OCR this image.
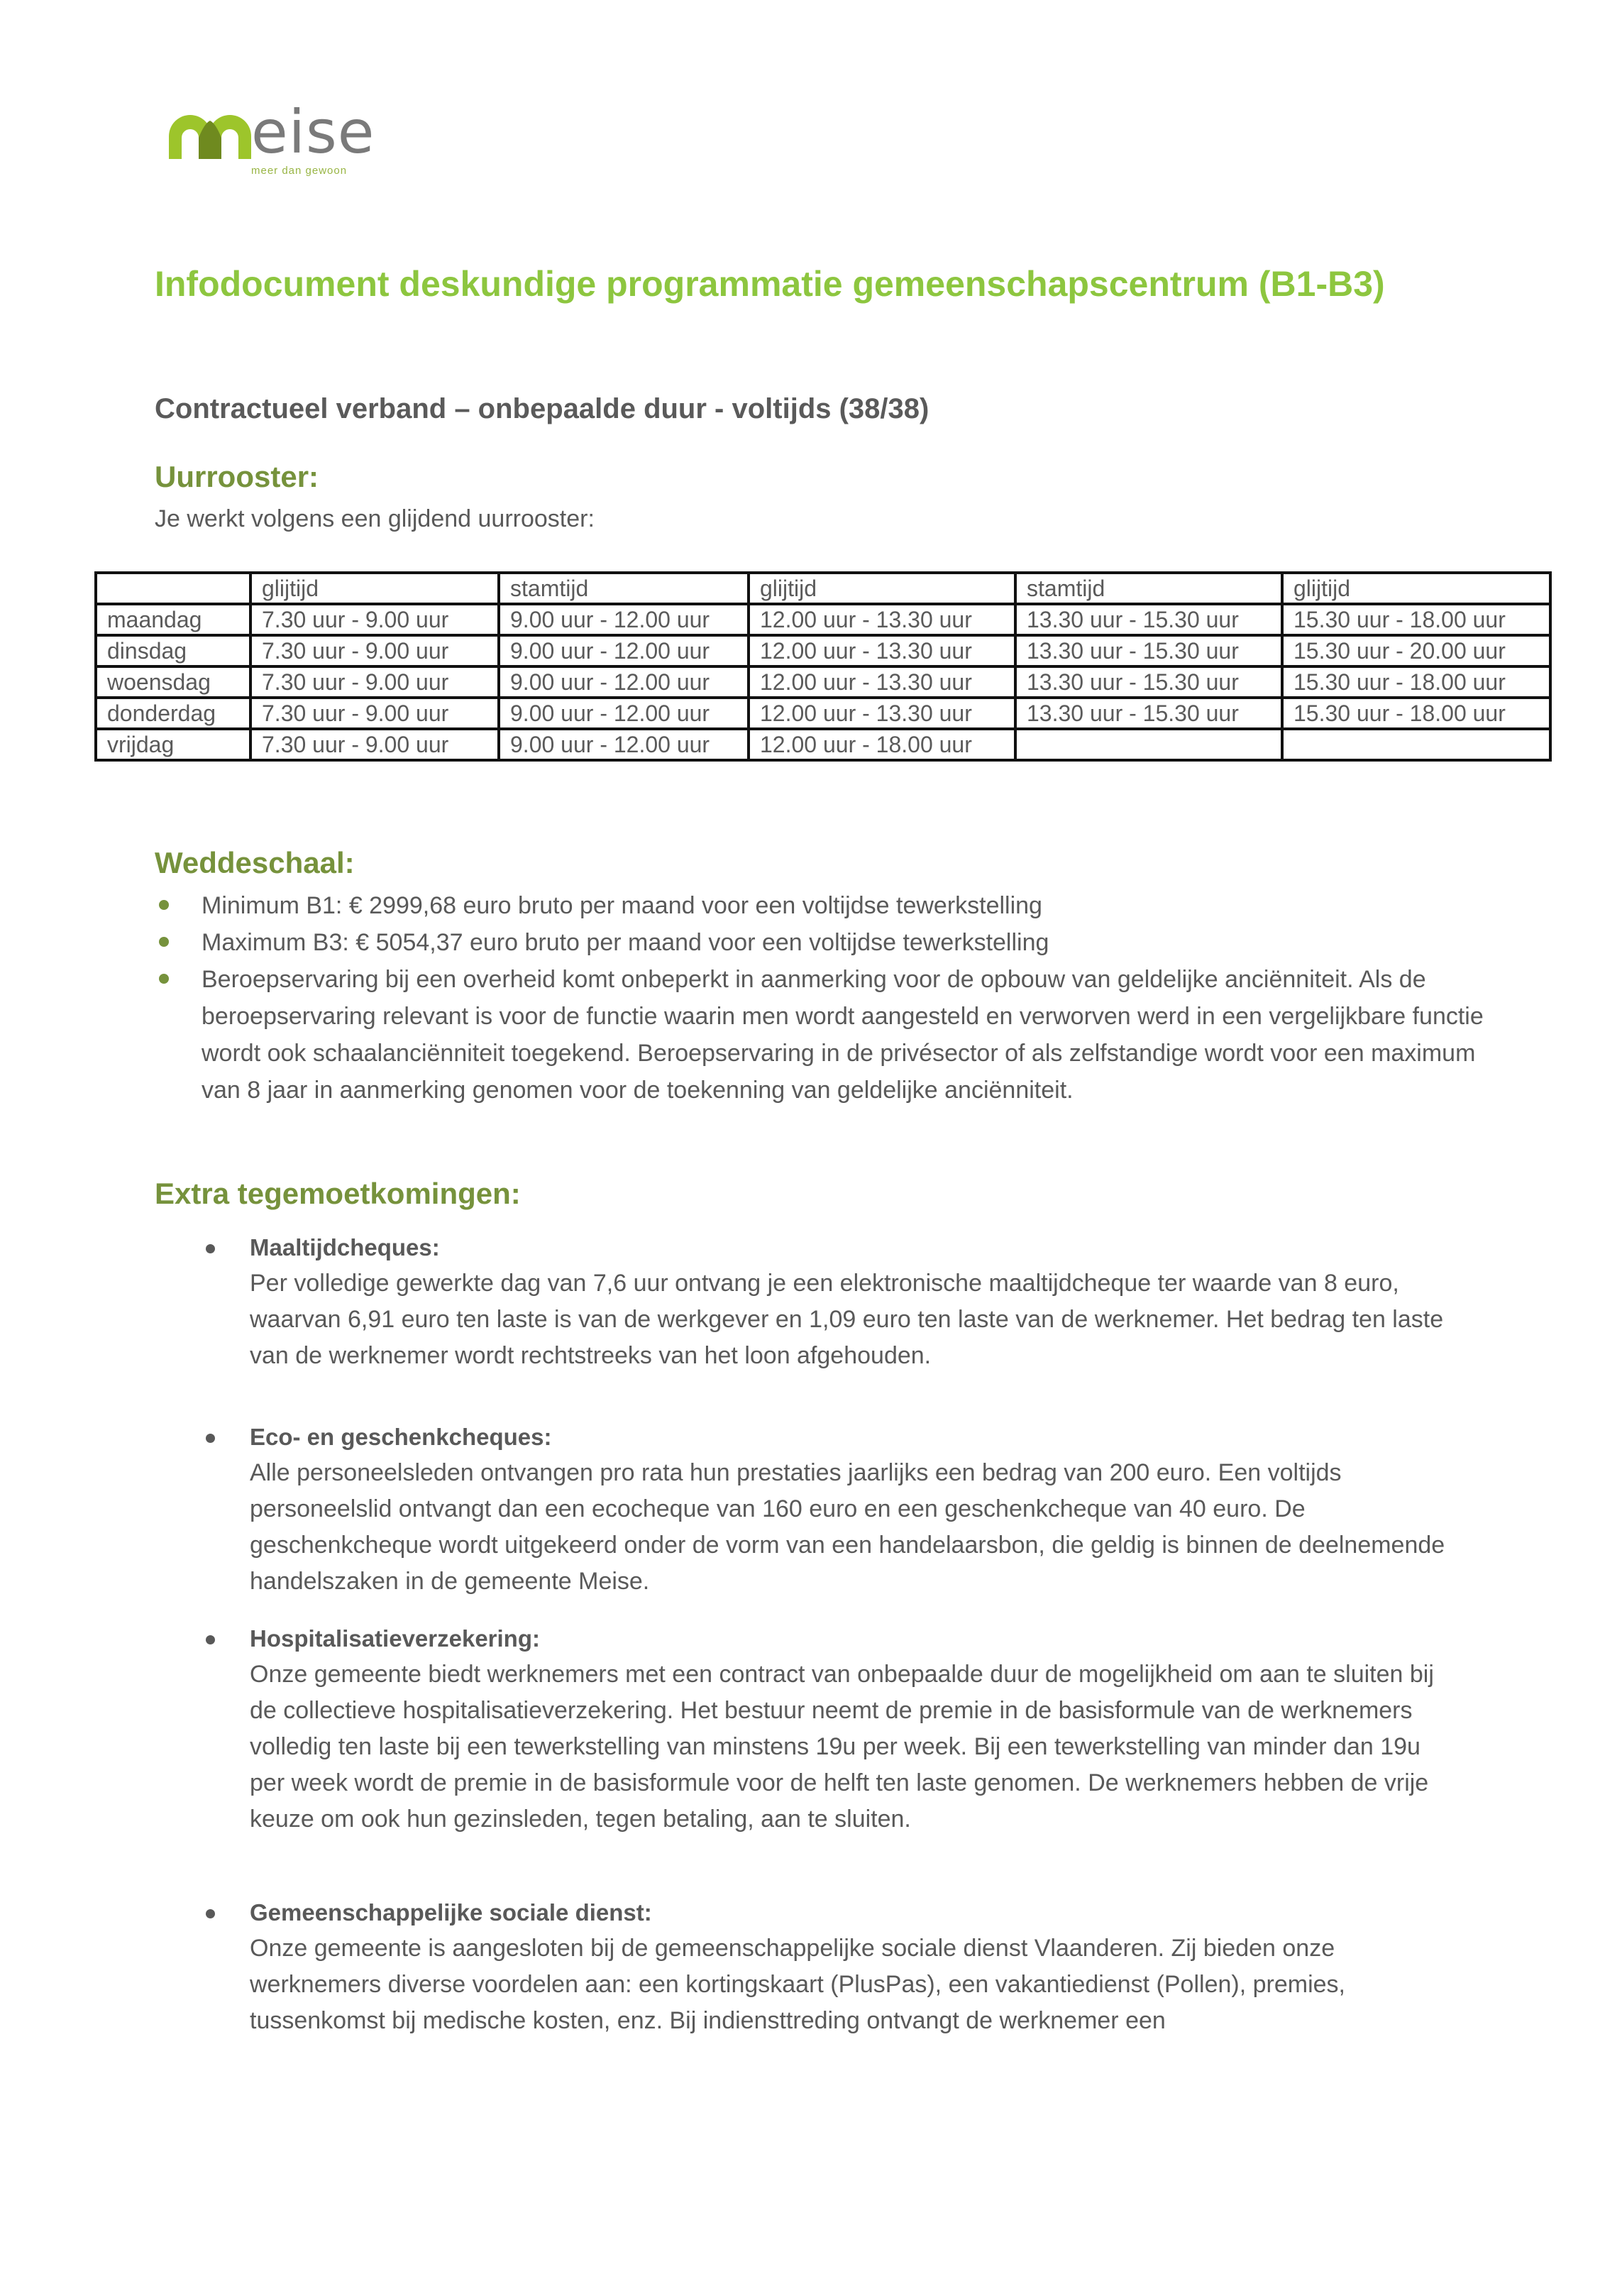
eise
meer dan gewoon
Infodocument deskundige programmatie gemeenschapscentrum (B1-B3)
Contractueel verband – onbepaalde duur - voltijds (38/38)
Uurrooster:
Je werkt volgens een glijdend uurrooster:
	glijtijd	stamtijd	glijtijd	stamtijd	glijtijd
maandag	7.30 uur - 9.00 uur	9.00 uur - 12.00 uur	12.00 uur - 13.30 uur	13.30 uur - 15.30 uur	15.30 uur - 18.00 uur
dinsdag	7.30 uur - 9.00 uur	9.00 uur - 12.00 uur	12.00 uur - 13.30 uur	13.30 uur - 15.30 uur	15.30 uur - 20.00 uur
woensdag	7.30 uur - 9.00 uur	9.00 uur - 12.00 uur	12.00 uur - 13.30 uur	13.30 uur - 15.30 uur	15.30 uur - 18.00 uur
donderdag	7.30 uur - 9.00 uur	9.00 uur - 12.00 uur	12.00 uur - 13.30 uur	13.30 uur - 15.30 uur	15.30 uur - 18.00 uur
vrijdag	7.30 uur - 9.00 uur	9.00 uur - 12.00 uur	12.00 uur - 18.00 uur		
Weddeschaal:
Minimum B1: € 2999,68 euro bruto per maand voor een voltijdse tewerkstelling
Maximum B3: € 5054,37 euro bruto per maand voor een voltijdse tewerkstelling
Beroepservaring bij een overheid komt onbeperkt in aanmerking voor de opbouw van geldelijke anciënniteit. Als de beroepservaring relevant is voor de functie waarin men wordt aangesteld en verworven werd in een vergelijkbare functie wordt ook schaalanciënniteit toegekend. Beroepservaring in de privésector of als zelfstandige wordt voor een maximum van 8 jaar in aanmerking genomen voor de toekenning van geldelijke anciënniteit.
Extra tegemoetkomingen:
Maaltijdcheques:
Per volledige gewerkte dag van 7,6 uur ontvang je een elektronische maaltijdcheque ter waarde van 8 euro, waarvan 6,91 euro ten laste is van de werkgever en 1,09 euro ten laste van de werknemer. Het bedrag ten laste van de werknemer wordt rechtstreeks van het loon afgehouden.
Eco- en geschenkcheques:
Alle personeelsleden ontvangen pro rata hun prestaties jaarlijks een bedrag van 200 euro. Een voltijds personeelslid ontvangt dan een ecocheque van 160 euro en een geschenkcheque van 40 euro. De geschenkcheque wordt uitgekeerd onder de vorm van een handelaarsbon, die geldig is binnen de deelnemende handelszaken in de gemeente Meise.
Hospitalisatieverzekering:
Onze gemeente biedt werknemers met een contract van onbepaalde duur de mogelijkheid om aan te sluiten bij de collectieve hospitalisatieverzekering. Het bestuur neemt de premie in de basisformule van de werknemers volledig ten laste bij een tewerkstelling van minstens 19u per week. Bij een tewerkstelling van minder dan 19u per week wordt de premie in de basisformule voor de helft ten laste genomen. De werknemers hebben de vrije keuze om ook hun gezinsleden, tegen betaling, aan te sluiten.
Gemeenschappelijke sociale dienst:
Onze gemeente is aangesloten bij de gemeenschappelijke sociale dienst Vlaanderen. Zij bieden onze werknemers diverse voordelen aan: een kortingskaart (PlusPas), een vakantiedienst (Pollen), premies, tussenkomst bij medische kosten, enz. Bij indiensttreding ontvangt de werknemer een
